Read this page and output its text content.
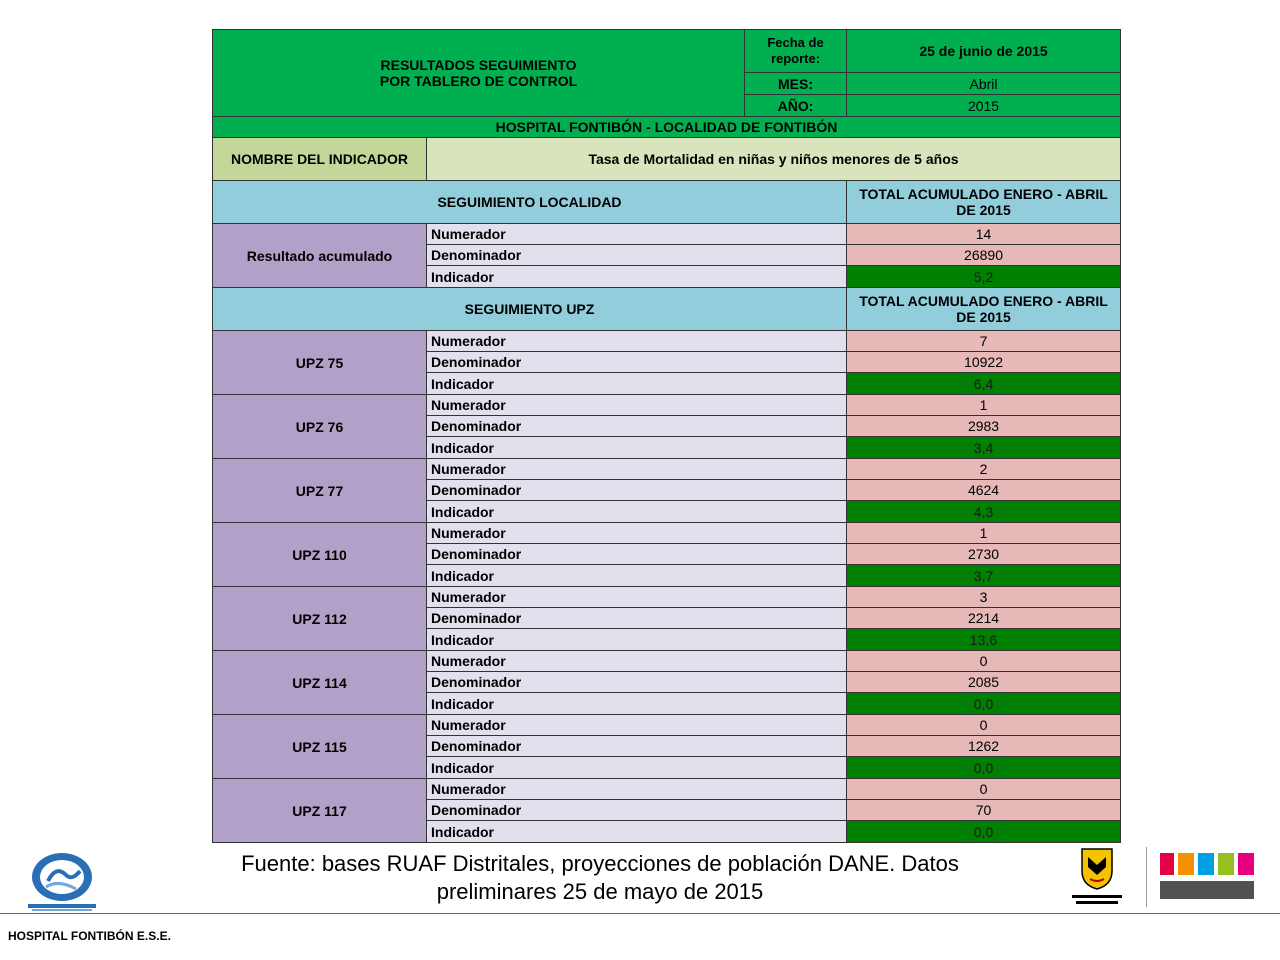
RESULTADOS SEGUIMIENTO
POR TABLERO DE CONTROL		Fecha de reporte:	25 de junio de 2015
		MES:	Abril
		AÑO:	2015
HOSPITAL FONTIBÓN - LOCALIDAD DE FONTIBÓN			
NOMBRE DEL INDICADOR	Tasa de Mortalidad en niñas y niños menores de 5 años		
SEGUIMIENTO LOCALIDAD			TOTAL ACUMULADO ENERO - ABRIL DE 2015
Resultado acumulado	Numerador		14
	Denominador		26890
	Indicador		5,2
SEGUIMIENTO UPZ			TOTAL ACUMULADO ENERO - ABRIL DE 2015
UPZ 75	Numerador		7
	Denominador		10922
	Indicador		6,4
UPZ 76	Numerador		1
	Denominador		2983
	Indicador		3,4
UPZ 77	Numerador		2
	Denominador		4624
	Indicador		4,3
UPZ 110	Numerador		1
	Denominador		2730
	Indicador		3,7
UPZ 112	Numerador		3
	Denominador		2214
	Indicador		13,6
UPZ 114	Numerador		0
	Denominador		2085
	Indicador		0,0
UPZ 115	Numerador		0
	Denominador		1262
	Indicador		0,0
UPZ 117	Numerador		0
	Denominador		70
	Indicador		0,0
Fuente: bases RUAF Distritales, proyecciones de población DANE. Datos
preliminares 25 de mayo de 2015
HOSPITAL FONTIBÓN E.S.E.
